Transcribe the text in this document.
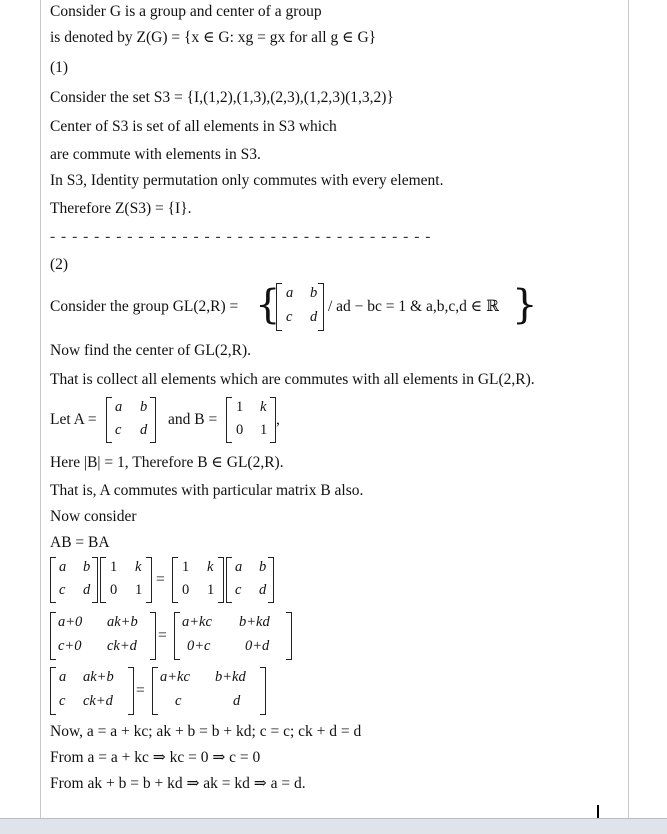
Consider G is a group and center of a group
is denoted by Z(G) = {x ∈ G: xg = gx for all g ∈ G}
(1)
Consider the set S3 = {I,(1,2),(1,3),(2,3),(1,2,3)(1,3,2)}
Center of S3 is set of all elements in S3 which
are commute with elements in S3.
In S3, Identity permutation only commutes with every element.
Therefore Z(S3) = {I}.
- - - - - - - - - - - - - - - - - - - - - - - - - - - - - - - - - - -
(2)
Consider the group GL(2,R) = { a b
c d
/ ad − bc = 1 & a,b,c,d ∈ ℝ }
Now find the center of GL(2,R).
That is collect all elements which are commutes with all elements in GL(2,R).
Let A =
a b
c d
and B =
1 k
0 1
,
Here |B| = 1, Therefore B ∈ GL(2,R).
That is, A commutes with particular matrix B also.
Now consider
AB = BA
a b
c d
1 k
0 1
=
1 k
0 1
a b
c d
a+0 ak+b
c+0 ck+d
=
a+kc b+kd
0+c 0+d
a ak+b
c ck+d
=
a+kc b+kd
c	d
Now, a = a + kc; ak + b = b + kd; c = c; ck + d = d
From a = a + kc ⇒ kc = 0 ⇒ c = 0
From ak + b = b + kd ⇒ ak = kd ⇒ a = d.
